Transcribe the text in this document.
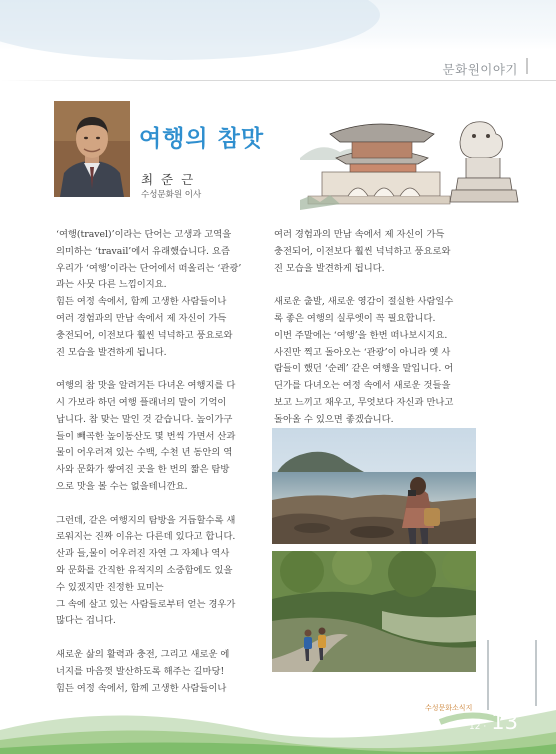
문화원이야기
여행의 참맛
최 준 근
수성문화원 이사

‘여행(travel)’이라는 단어는 고생과 고역을
의미하는 ‘travail’에서 유래했습니다. 요즘
우리가 ‘여행’이라는 단어에서 떠올리는 ‘관광’
과는 사뭇 다른 느낌이지요.
힘든 여정 속에서, 함께 고생한 사람들이나
여러 경험과의 만남 속에서 제 자신이 가득
충전되어, 이전보다 훨씬 넉넉하고 풍요로와
진 모습을 발견하게 됩니다.

여행의 참 맛을 알려거든 다녀온 여행지를 다
시 가보라 하던 여행 플래너의 말이 기억이
납니다. 참 맞는 말인 것 같습니다. 높이가구
들이 빼곡한 높이동산도 몇 번씩 가면서 산과
물이 어우러져 있는 수백, 수천 년 동안의 역
사와 문화가 쌓여진 곳을 한 번의 짧은 탐방
으로 맛을 볼 수는 없을테니깐요.

그런데, 같은 여행지의 탐방을 거듭할수록 새
로워지는 진짜 이유는 다른데 있다고 합니다.
산과 들,물이 어우러진 자연 그 자체나 역사
와 문화를 간직한 유적지의 소중함에도 있을
수 있겠지만 진정한 묘미는
그 속에 살고 있는 사람들로부터 얻는 경우가
많다는 겁니다.

새로운 삶의 활력과 충전, 그리고 새로운 에
너지를 마음껏 발산하도록 해주는 길마당!
힘든 여정 속에서, 함께 고생한 사람들이나

여러 경험과의 만남 속에서 제 자신이 가득
충전되어, 이전보다 훨씬 넉넉하고 풍요로와
진 모습을 발견하게 됩니다.

새로운 출발, 새로운 영감이 절실한 사람일수
록 좋은 여행의 실루엣이 꼭 필요합니다.
이번 주말에는 ‘여행’을 한번 떠나보시지요.
사진만 찍고 돌아오는 ‘관광’이 아니라 옛 사
람들이 했던 ‘순례’ 같은 여행을 말입니다. 어
딘가를 다녀오는 여정 속에서 새로운 것들을
보고 느끼고 채우고, 무엇보다 자신과 만나고
돌아올 수 있으면 좋겠습니다.

수성문화소식지
12 · 13
